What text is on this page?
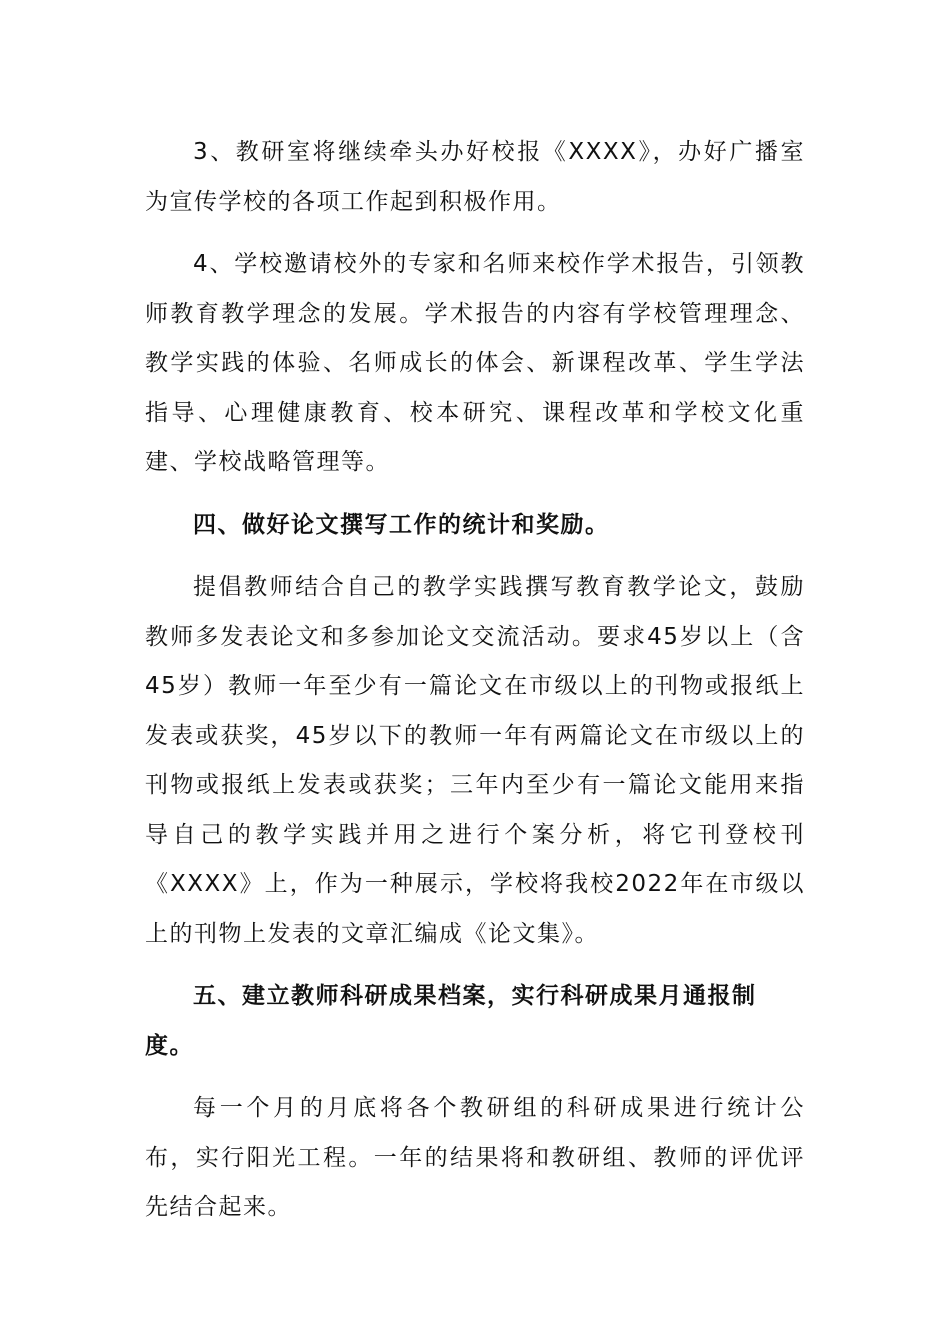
3、教研室将继续牵头办好校报《XXXX》，办好广播室为宣传学校的各项工作起到积极作用。

4、学校邀请校外的专家和名师来校作学术报告，引领教师教育教学理念的发展。学术报告的内容有学校管理理念、教学实践的体验、名师成长的体会、新课程改革、学生学法指导、心理健康教育、校本研究、课程改革和学校文化重建、学校战略管理等。

四、做好论文撰写工作的统计和奖励。

提倡教师结合自己的教学实践撰写教育教学论文，鼓励教师多发表论文和多参加论文交流活动。要求45岁以上（含45岁）教师一年至少有一篇论文在市级以上的刊物或报纸上发表或获奖，45岁以下的教师一年有两篇论文在市级以上的刊物或报纸上发表或获奖；三年内至少有一篇论文能用来指导自己的教学实践并用之进行个案分析，将它刊登校刊《XXXX》上，作为一种展示，学校将我校2022年在市级以上的刊物上发表的文章汇编成《论文集》。

五、建立教师科研成果档案，实行科研成果月通报制度。

每一个月的月底将各个教研组的科研成果进行统计公布，实行阳光工程。一年的结果将和教研组、教师的评优评先结合起来。
